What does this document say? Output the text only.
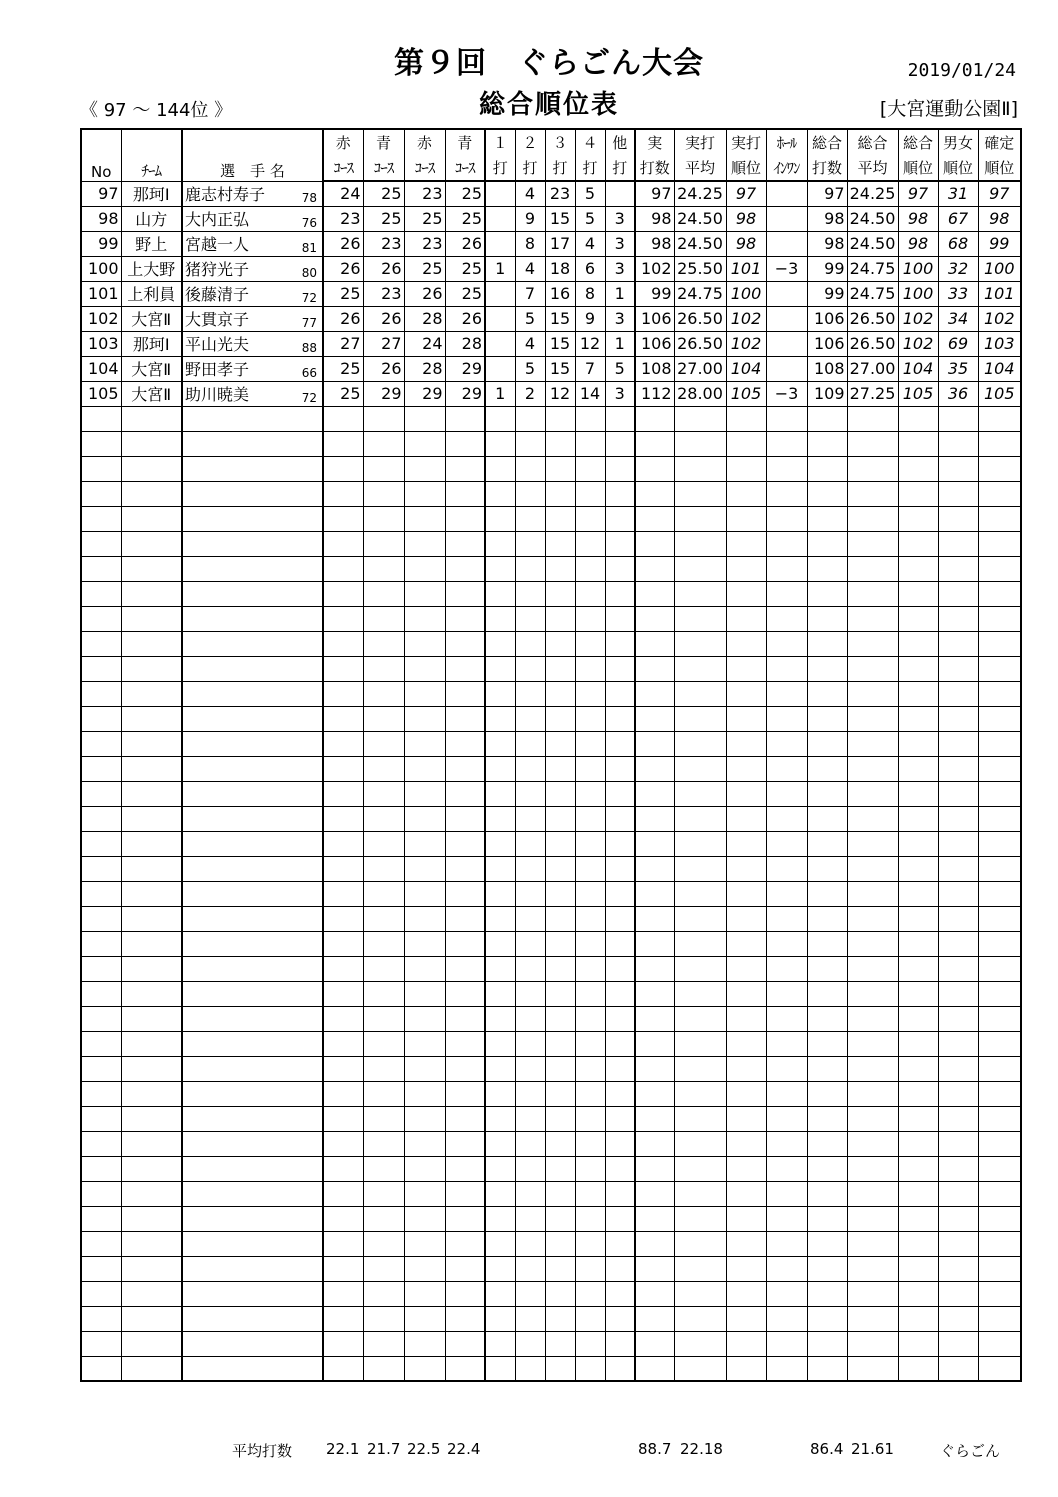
第９回　ぐらごん大会
総合順位表
2019/01/24
《 97 ～ 144位 》	[大宮運動公園Ⅱ]
No	ﾁｰﾑ	選　手 名	赤	青	赤	青	１	２	３	４	他	実	実打	実打	ﾎｰﾙ	総合	総合	総合	男女	確定
			ｺｰｽ	ｺｰｽ	ｺｰｽ	ｺｰｽ	打	打	打	打	打	打数	平均	順位	ｲﾝﾜﾝ	打数	平均	順位	順位	順位
97	那珂Ⅰ	鹿志村寿子 78	24	25	23	25		4	23	5		97	24.25	97		97	24.25	97	31	97
98	山方	大内正弘 76	23	25	25	25		9	15	5	3	98	24.50	98		98	24.50	98	67	98
99	野上	宮越一人 81	26	23	23	26		8	17	4	3	98	24.50	98		98	24.50	98	68	99
100	上大野	猪狩光子 80	26	26	25	25	1	4	18	6	3	102	25.50	101	−3	99	24.75	100	32	100
101	上利員	後藤清子 72	25	23	26	25		7	16	8	1	99	24.75	100		99	24.75	100	33	101
102	大宮Ⅱ	大貫京子 77	26	26	28	26		5	15	9	3	106	26.50	102		106	26.50	102	34	102
103	那珂Ⅰ	平山光夫 88	27	27	24	28		4	15	12	1	106	26.50	102		106	26.50	102	69	103
104	大宮Ⅱ	野田孝子 66	25	26	28	29		5	15	7	5	108	27.00	104		108	27.00	104	35	104
105	大宮Ⅱ	助川暁美 72	25	29	29	29	1	2	12	14	3	112	28.00	105	−3	109	27.25	105	36	105

平均打数 22.1 21.7 22.5 22.4	88.7 22.18	86.4 21.61	ぐらごん
